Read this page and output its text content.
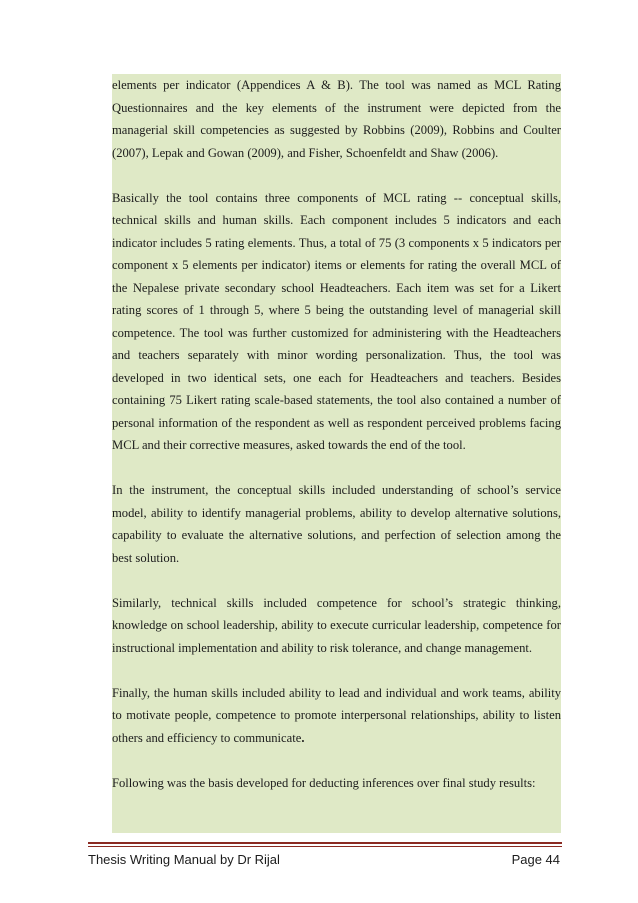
elements per indicator (Appendices A & B). The tool was named as MCL Rating Questionnaires and the key elements of the instrument were depicted from the managerial skill competencies as suggested by Robbins (2009), Robbins and Coulter (2007), Lepak and Gowan (2009), and Fisher, Schoenfeldt and Shaw (2006).

Basically the tool contains three components of MCL rating -- conceptual skills, technical skills and human skills. Each component includes 5 indicators and each indicator includes 5 rating elements. Thus, a total of 75 (3 components x 5 indicators per component x 5 elements per indicator) items or elements for rating the overall MCL of the Nepalese private secondary school Headteachers. Each item was set for a Likert rating scores of 1 through 5, where 5 being the outstanding level of managerial skill competence. The tool was further customized for administering with the Headteachers and teachers separately with minor wording personalization. Thus, the tool was developed in two identical sets, one each for Headteachers and teachers. Besides containing 75 Likert rating scale-based statements, the tool also contained a number of personal information of the respondent as well as respondent perceived problems facing MCL and their corrective measures, asked towards the end of the tool.

In the instrument, the conceptual skills included understanding of school’s service model, ability to identify managerial problems, ability to develop alternative solutions, capability to evaluate the alternative solutions, and perfection of selection among the best solution.

Similarly, technical skills included competence for school’s strategic thinking, knowledge on school leadership, ability to execute curricular leadership, competence for instructional implementation and ability to risk tolerance, and change management.

Finally, the human skills included ability to lead and individual and work teams, ability to motivate people, competence to promote interpersonal relationships, ability to listen others and efficiency to communicate.

Following was the basis developed for deducting inferences over final study results:

Thesis Writing Manual by Dr Rijal	Page 44
